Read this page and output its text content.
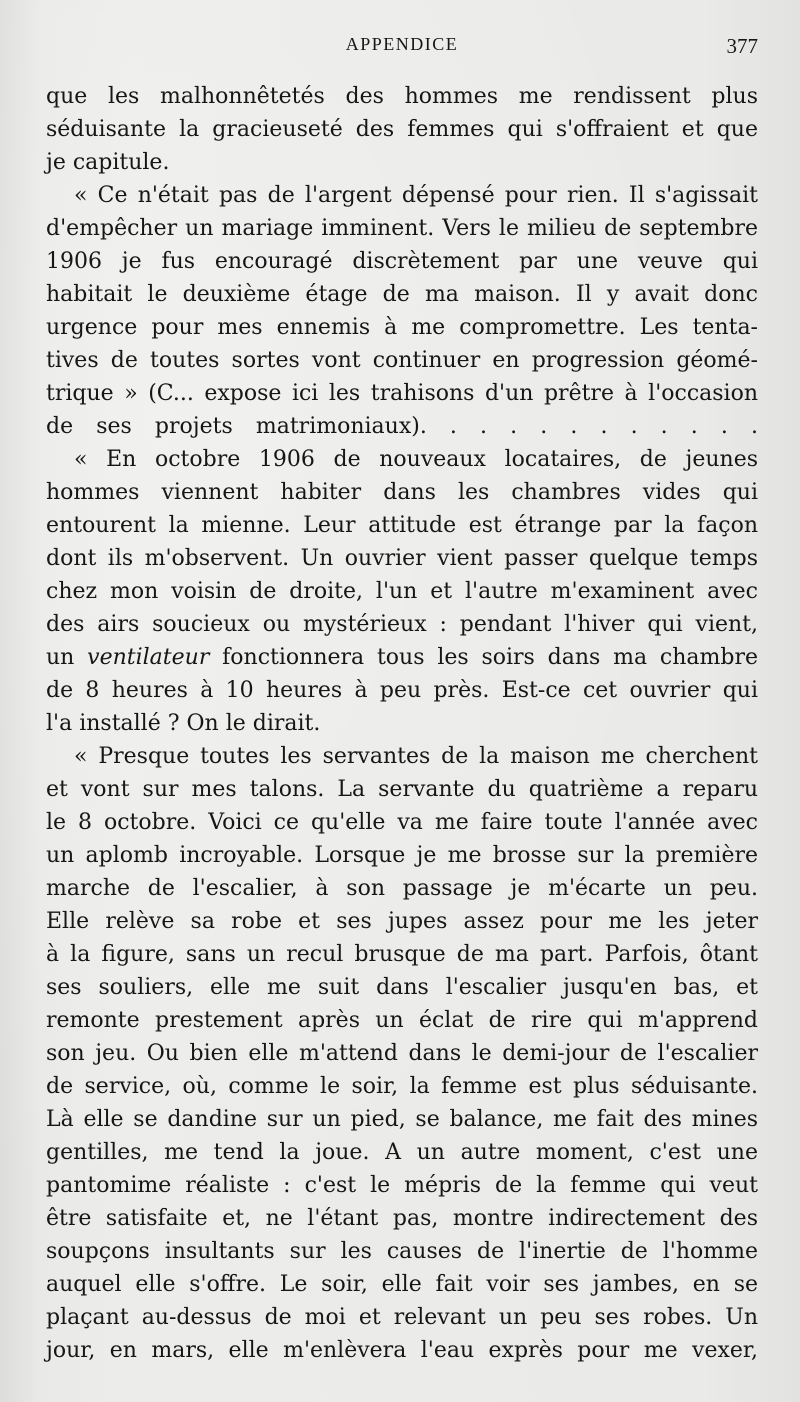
APPENDICE	377
que les malhonnêtetés des hommes me rendissent plus
séduisante la gracieuseté des femmes qui s'offraient et que
je capitule.
« Ce n'était pas de l'argent dépensé pour rien. Il s'agissait
d'empêcher un mariage imminent. Vers le milieu de septembre
1906 je fus encouragé discrètement par une veuve qui
habitait le deuxième étage de ma maison. Il y avait donc
urgence pour mes ennemis à me compromettre. Les tenta-
tives de toutes sortes vont continuer en progression géomé-
trique » (C... expose ici les trahisons d'un prêtre à l'occasion
de ses projets matrimoniaux). . . . . . . . . . . .
« En octobre 1906 de nouveaux locataires, de jeunes
hommes viennent habiter dans les chambres vides qui
entourent la mienne. Leur attitude est étrange par la façon
dont ils m'observent. Un ouvrier vient passer quelque temps
chez mon voisin de droite, l'un et l'autre m'examinent avec
des airs soucieux ou mystérieux : pendant l'hiver qui vient,
un ventilateur fonctionnera tous les soirs dans ma chambre
de 8 heures à 10 heures à peu près. Est-ce cet ouvrier qui
l'a installé ? On le dirait.
« Presque toutes les servantes de la maison me cherchent
et vont sur mes talons. La servante du quatrième a reparu
le 8 octobre. Voici ce qu'elle va me faire toute l'année avec
un aplomb incroyable. Lorsque je me brosse sur la première
marche de l'escalier, à son passage je m'écarte un peu.
Elle relève sa robe et ses jupes assez pour me les jeter
à la figure, sans un recul brusque de ma part. Parfois, ôtant
ses souliers, elle me suit dans l'escalier jusqu'en bas, et
remonte prestement après un éclat de rire qui m'apprend
son jeu. Ou bien elle m'attend dans le demi-jour de l'escalier
de service, où, comme le soir, la femme est plus séduisante.
Là elle se dandine sur un pied, se balance, me fait des mines
gentilles, me tend la joue. A un autre moment, c'est une
pantomime réaliste : c'est le mépris de la femme qui veut
être satisfaite et, ne l'étant pas, montre indirectement des
soupçons insultants sur les causes de l'inertie de l'homme
auquel elle s'offre. Le soir, elle fait voir ses jambes, en se
plaçant au-dessus de moi et relevant un peu ses robes. Un
jour, en mars, elle m'enlèvera l'eau exprès pour me vexer,
